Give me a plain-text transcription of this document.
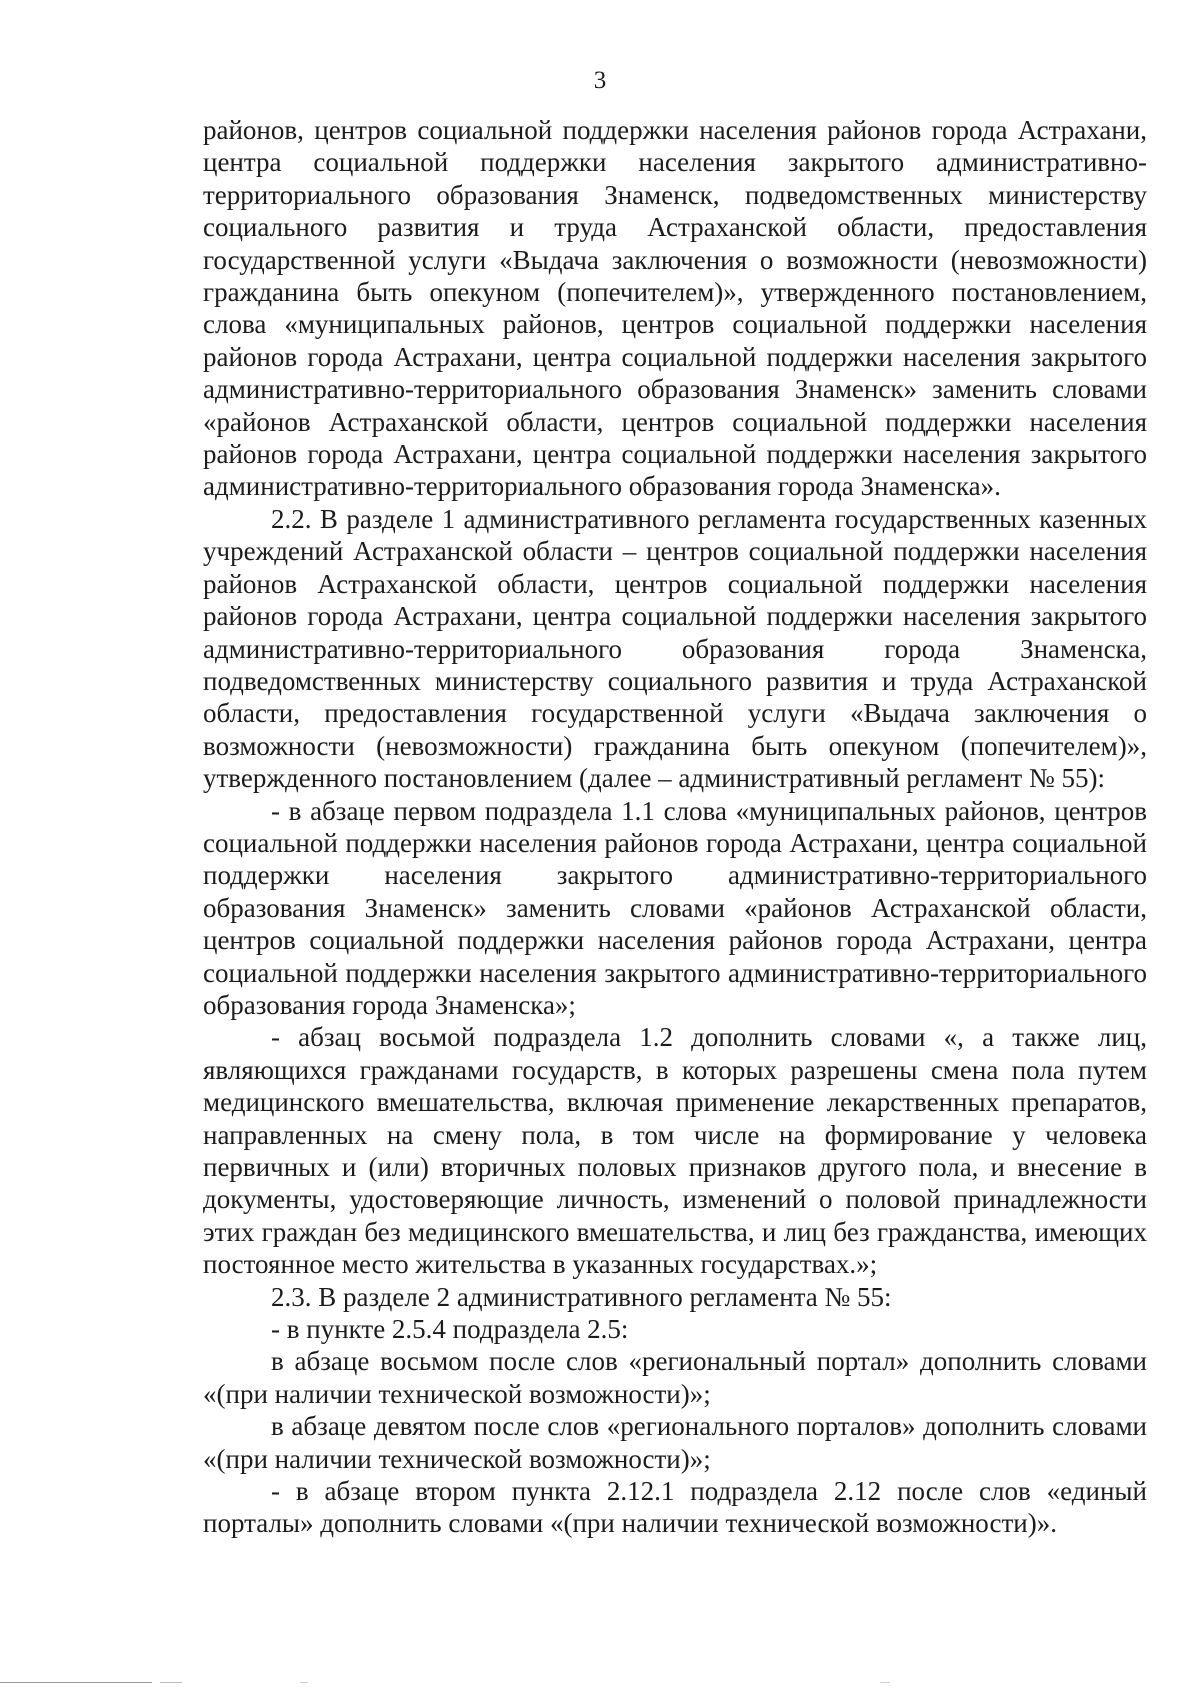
3

районов, центров социальной поддержки населения районов города Астрахани, центра социальной поддержки населения закрытого административно-территориального образования Знаменск, подведомственных министерству социального развития и труда Астраханской области, предоставления государственной услуги «Выдача заключения о возможности (невозможности) гражданина быть опекуном (попечителем)», утвержденного постановлением, слова «муниципальных районов, центров социальной поддержки населения районов города Астрахани, центра социальной поддержки населения закрытого административно-территориального образования Знаменск» заменить словами «районов Астраханской области, центров социальной поддержки населения районов города Астрахани, центра социальной поддержки населения закрытого административно-территориального образования города Знаменска».

2.2. В разделе 1 административного регламента государственных казенных учреждений Астраханской области – центров социальной поддержки населения районов Астраханской области, центров социальной поддержки населения районов города Астрахани, центра социальной поддержки населения закрытого административно-территориального образования города Знаменска, подведомственных министерству социального развития и труда Астраханской области, предоставления государственной услуги «Выдача заключения о возможности (невозможности) гражданина быть опекуном (попечителем)», утвержденного постановлением (далее – административный регламент № 55):

- в абзаце первом подраздела 1.1 слова «муниципальных районов, центров социальной поддержки населения районов города Астрахани, центра социальной поддержки населения закрытого административно-территориального образования Знаменск» заменить словами «районов Астраханской области, центров социальной поддержки населения районов города Астрахани, центра социальной поддержки населения закрытого административно-территориального образования города Знаменска»;

- абзац восьмой подраздела 1.2 дополнить словами «, а также лиц, являющихся гражданами государств, в которых разрешены смена пола путем медицинского вмешательства, включая применение лекарственных препаратов, направленных на смену пола, в том числе на формирование у человека первичных и (или) вторичных половых признаков другого пола, и внесение в документы, удостоверяющие личность, изменений о половой принадлежности этих граждан без медицинского вмешательства, и лиц без гражданства, имеющих постоянное место жительства в указанных государствах.»;

2.3. В разделе 2 административного регламента № 55:

- в пункте 2.5.4 подраздела 2.5:

в абзаце восьмом после слов «региональный портал» дополнить словами «(при наличии технической возможности)»;

в абзаце девятом после слов «регионального порталов» дополнить словами «(при наличии технической возможности)»;

- в абзаце втором пункта 2.12.1 подраздела 2.12 после слов «единый порталы» дополнить словами «(при наличии технической возможности)».
